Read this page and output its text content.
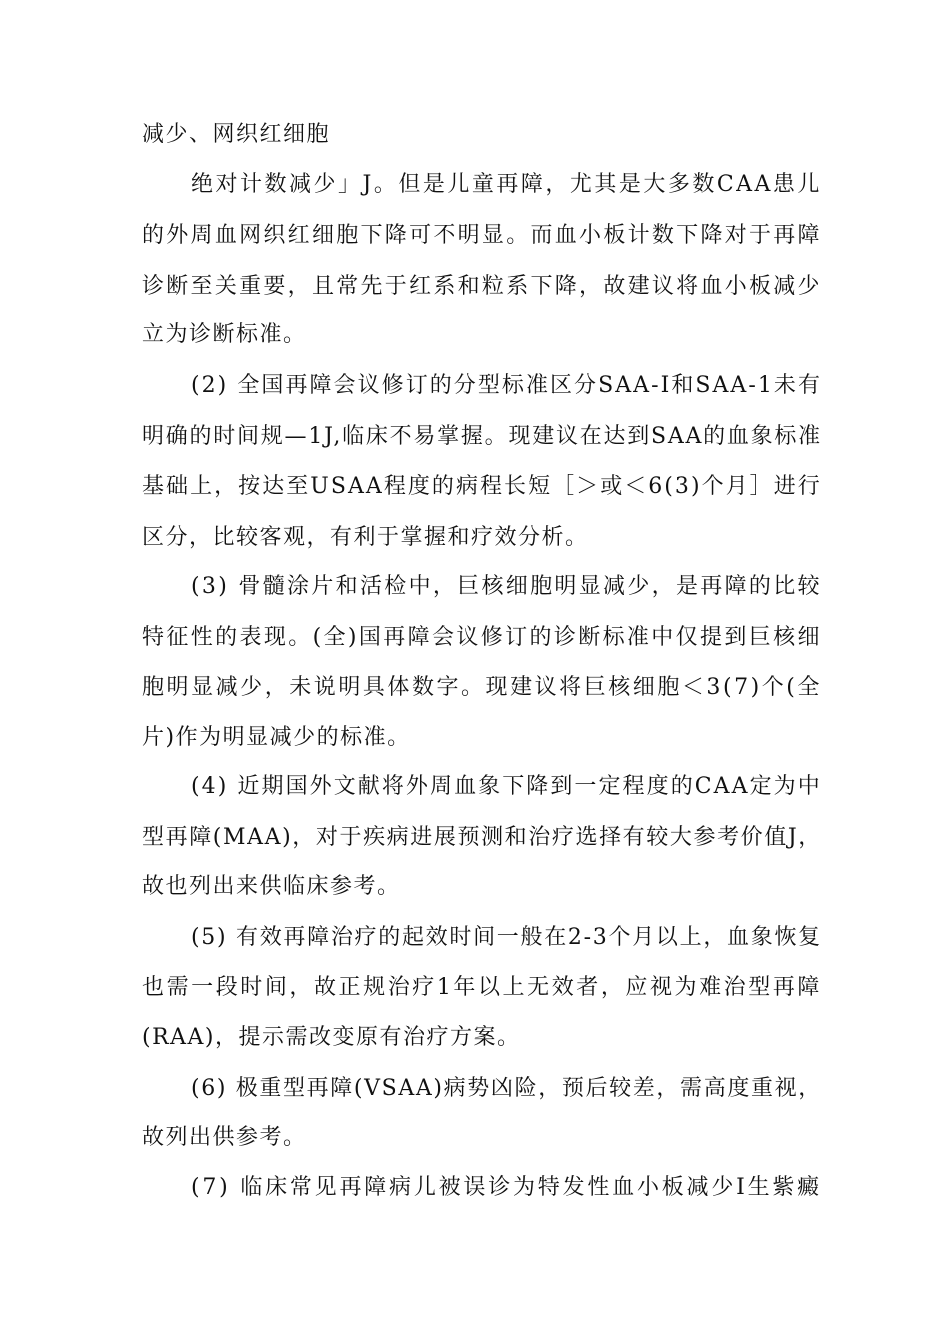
减少、网织红细胞
绝对计数减少」J。但是儿童再障，尤其是大多数CAA患儿
的外周血网织红细胞下降可不明显。而血小板计数下降对于再障
诊断至关重要，且常先于红系和粒系下降，故建议将血小板减少
立为诊断标准。
(2) 全国再障会议修订的分型标准区分SAA-I和SAA-1未有
明确的时间规—1J,临床不易掌握。现建议在达到SAA的血象标准
基础上，按达至USAA程度的病程长短［＞或＜6(3)个月］进行
区分，比较客观，有利于掌握和疗效分析。
(3) 骨髓涂片和活检中，巨核细胞明显减少，是再障的比较
特征性的表现。(全)国再障会议修订的诊断标准中仅提到巨核细
胞明显减少，未说明具体数字。现建议将巨核细胞＜3(7)个(全
片)作为明显减少的标准。
(4) 近期国外文献将外周血象下降到一定程度的CAA定为中
型再障(MAA)，对于疾病进展预测和治疗选择有较大参考价值J，
故也列出来供临床参考。
(5) 有效再障治疗的起效时间一般在2-3个月以上，血象恢复
也需一段时间，故正规治疗1年以上无效者，应视为难治型再障
(RAA)，提示需改变原有治疗方案。
(6) 极重型再障(VSAA)病势凶险，预后较差，需高度重视，
故列出供参考。
(7) 临床常见再障病儿被误诊为特发性血小板减少I生紫癜
